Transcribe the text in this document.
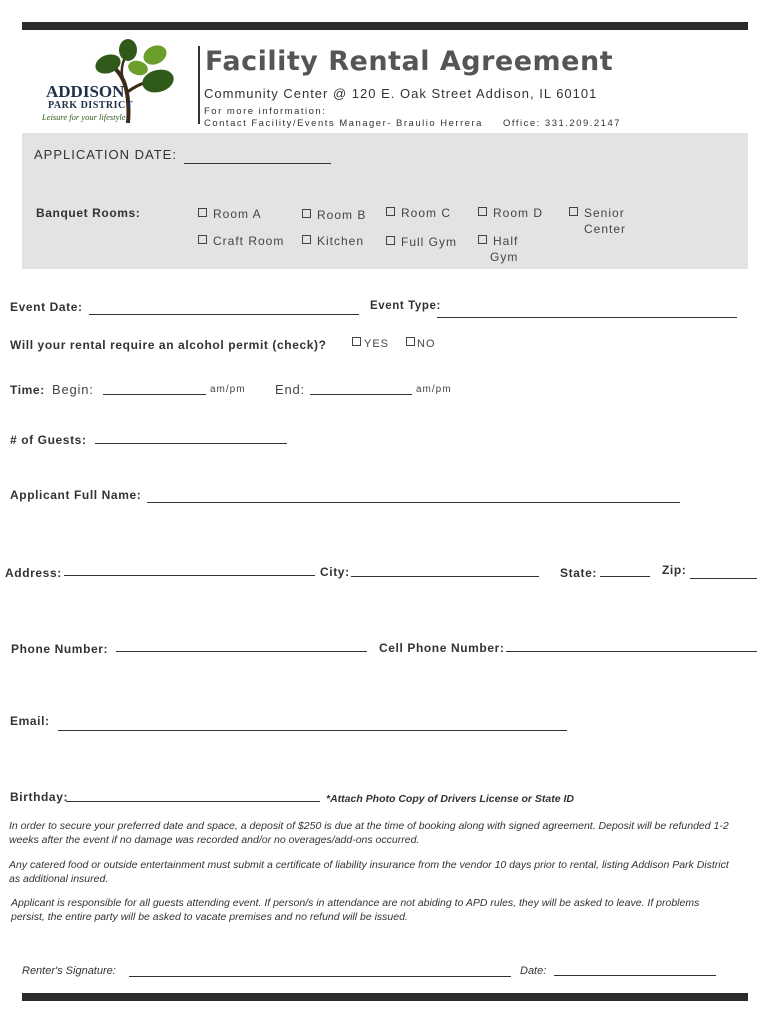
ADDISON
PARK DISTRICT
Leisure for your lifestyle
Facility Rental Agreement
Community Center @ 120 E. Oak Street Addison, IL 60101
For more information:
Contact Facility/Events Manager- Braulio Herrera Office: 331.209.2147
APPLICATION DATE:
Banquet Rooms:	Room A	Room B	Room C	Room D	Senior
Center
Craft Room	Kitchen	Full Gym	Half
Gym
Event Date:	Event Type:
Will your rental require an alcohol permit (check)?	YES	NO
Time: Begin:	am/pm End:	am/pm
# of Guests:
Applicant Full Name:
Address:	City:	State:	Zip:
Phone Number:	Cell Phone Number:
Email:
Birthday:	*Attach Photo Copy of Drivers License or State ID
In order to secure your preferred date and space, a deposit of $250 is due at the time of booking along with signed agreement. Deposit will be refunded 1-2 weeks after the event if no damage was recorded and/or no overages/add-ons occurred.
Any catered food or outside entertainment must submit a certificate of liability insurance from the vendor 10 days prior to rental, listing Addison Park District as additional insured.
Applicant is responsible for all guests attending event. If person/s in attendance are not abiding to APD rules, they will be asked to leave. If problems persist, the entire party will be asked to vacate premises and no refund will be issued.
Renter's Signature:	Date:
